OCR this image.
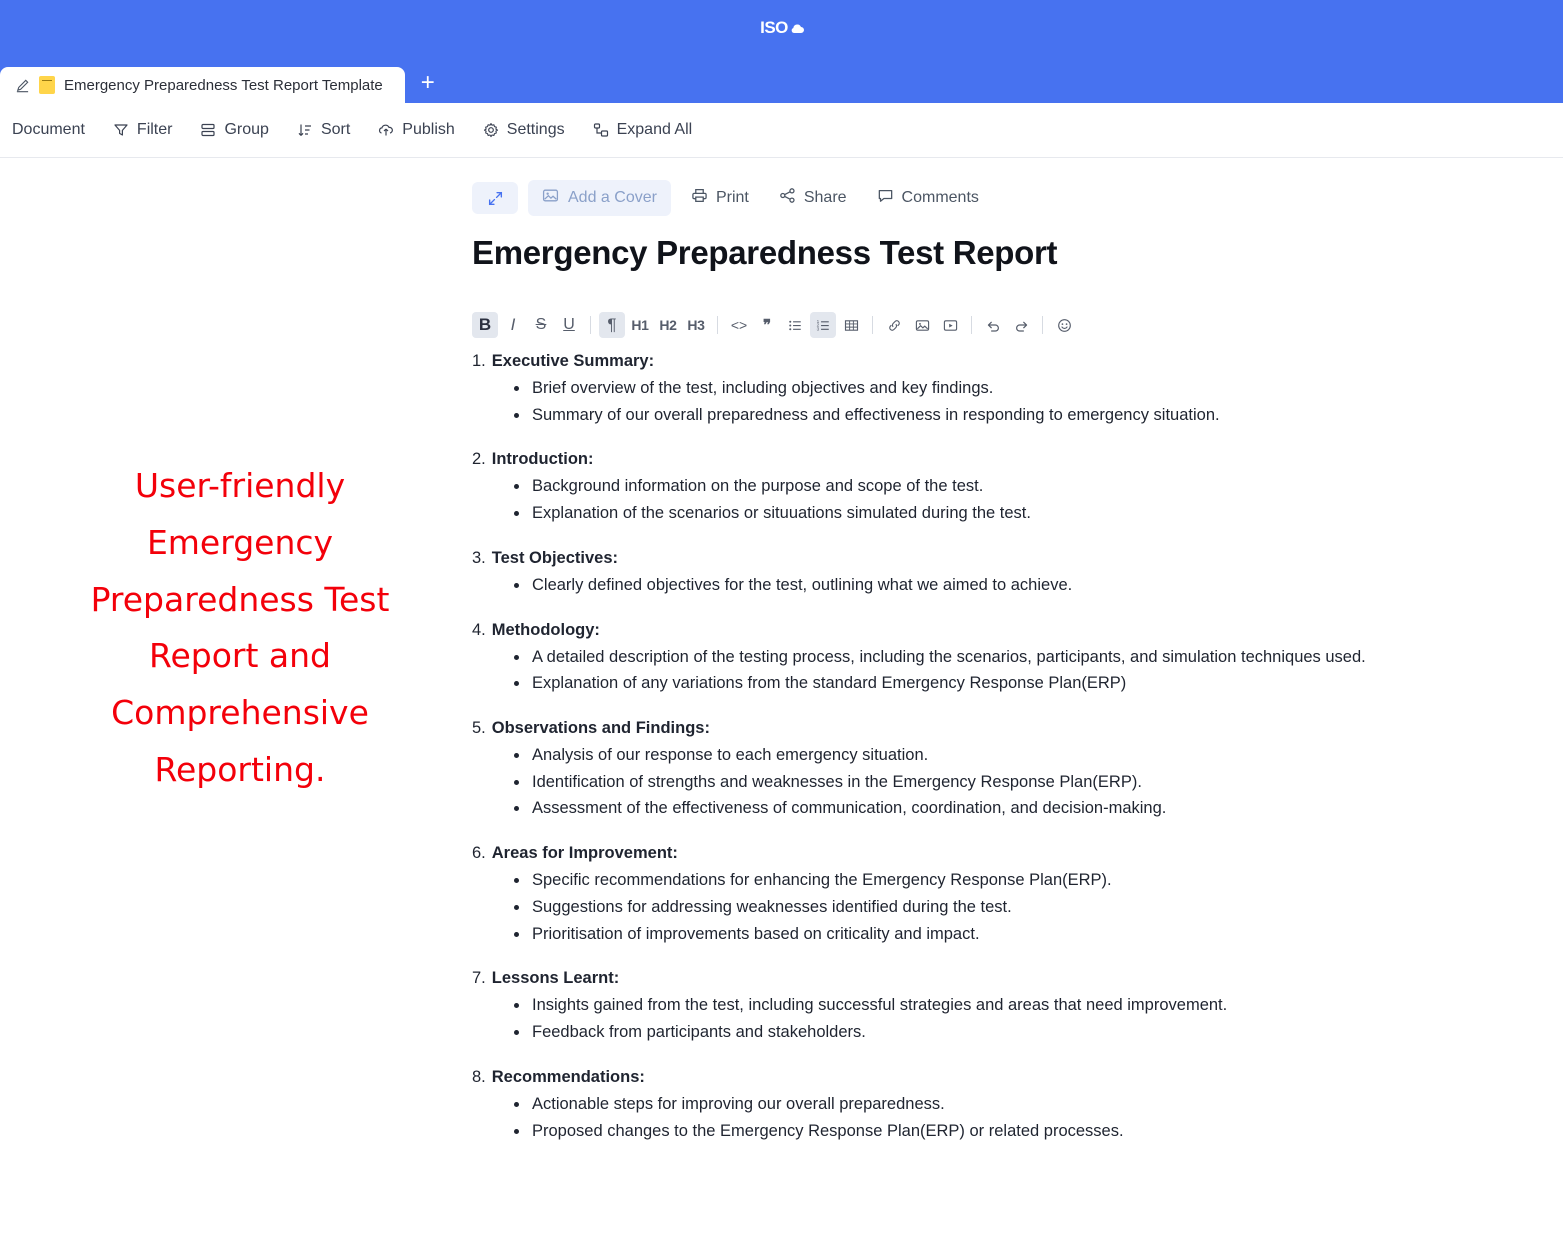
ISO
Emergency Preparedness Test Report Template	+
Document	Filter	Group	Sort	Publish	Settings	Expand All
User-friendly Emergency Preparedness Test Report and Comprehensive Reporting.
Add a Cover	Print	Share	Comments
Emergency Preparedness Test Report
B	I	S	U	¶	H1 H2 H3	<>	❞	1
2
3
1. Executive Summary:
Brief overview of the test, including objectives and key findings.
Summary of our overall preparedness and effectiveness in responding to emergency situation.
2. Introduction:
Background information on the purpose and scope of the test.
Explanation of the scenarios or situuations simulated during the test.
3. Test Objectives:
Clearly defined objectives for the test, outlining what we aimed to achieve.
4. Methodology:
A detailed description of the testing process, including the scenarios, participants, and simulation techniques used.
Explanation of any variations from the standard Emergency Response Plan(ERP)
5. Observations and Findings:
Analysis of our response to each emergency situation.
Identification of strengths and weaknesses in the Emergency Response Plan(ERP).
Assessment of the effectiveness of communication, coordination, and decision-making.
6. Areas for Improvement:
Specific recommendations for enhancing the Emergency Response Plan(ERP).
Suggestions for addressing weaknesses identified during the test.
Prioritisation of improvements based on criticality and impact.
7. Lessons Learnt:
Insights gained from the test, including successful strategies and areas that need improvement.
Feedback from participants and stakeholders.
8. Recommendations:
Actionable steps for improving our overall preparedness.
Proposed changes to the Emergency Response Plan(ERP) or related processes.
